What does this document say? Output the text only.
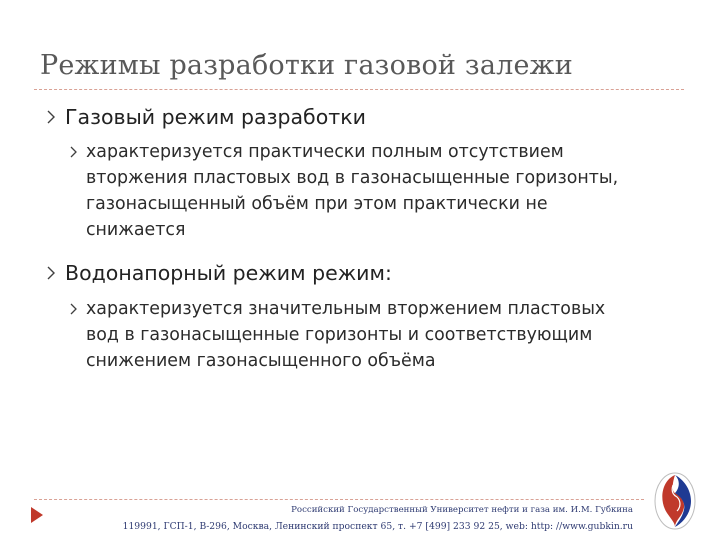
Режимы разработки газовой залежи
Газовый режим разработки
характеризуется практически полным отсутствием
вторжения пластовых вод в газонасыщенные горизонты,
газонасыщенный объём при этом практически не
снижается
Водонапорный режим режим:
характеризуется значительным вторжением пластовых
вод в газонасыщенные горизонты и соответствующим
снижением газонасыщенного объёма
Российский Государственный Университет нефти и газа им. И.М. Губкина
119991, ГСП-1, В-296, Москва, Ленинский проспект 65, т. +7 [499] 233 92 25, web: http: //www.gubkin.ru
